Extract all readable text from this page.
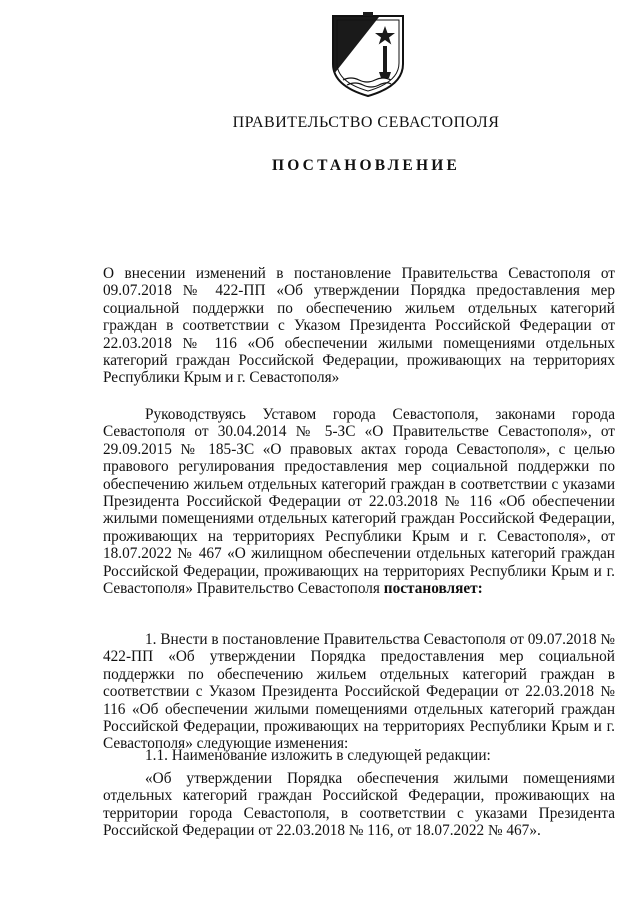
ПРАВИТЕЛЬСТВО СЕВАСТОПОЛЯ
ПОСТАНОВЛЕНИЕ
О внесении изменений в постановление Правительства Севастополя от 09.07.2018 № 422-ПП «Об утверждении Порядка предоставления мер социальной поддержки по обеспечению жильем отдельных категорий граждан в соответствии с Указом Президента Российской Федерации от 22.03.2018 № 116 «Об обеспечении жилыми помещениями отдельных категорий граждан Российской Федерации, проживающих на территориях Республики Крым и г. Севастополя»
Руководствуясь Уставом города Севастополя, законами города Севастополя от 30.04.2014 № 5-ЗС «О Правительстве Севастополя», от 29.09.2015 № 185-ЗС «О правовых актах города Севастополя», с целью правового регулирования предоставления мер социальной поддержки по обеспечению жильем отдельных категорий граждан в соответствии с указами Президента Российской Федерации от 22.03.2018 № 116 «Об обеспечении жилыми помещениями отдельных категорий граждан Российской Федерации, проживающих на территориях Республики Крым и г. Севастополя», от 18.07.2022 № 467 «О жилищном обеспечении отдельных категорий граждан Российской Федерации, проживающих на территориях Республики Крым и г. Севастополя» Правительство Севастополя постановляет:
1. Внести в постановление Правительства Севастополя от 09.07.2018 № 422-ПП «Об утверждении Порядка предоставления мер социальной поддержки по обеспечению жильем отдельных категорий граждан в соответствии с Указом Президента Российской Федерации от 22.03.2018 № 116 «Об обеспечении жилыми помещениями отдельных категорий граждан Российской Федерации, проживающих на территориях Республики Крым и г. Севастополя» следующие изменения:
1.1. Наименование изложить в следующей редакции:
«Об утверждении Порядка обеспечения жилыми помещениями отдельных категорий граждан Российской Федерации, проживающих на территории города Севастополя, в соответствии с указами Президента Российской Федерации от 22.03.2018 № 116, от 18.07.2022 № 467».
